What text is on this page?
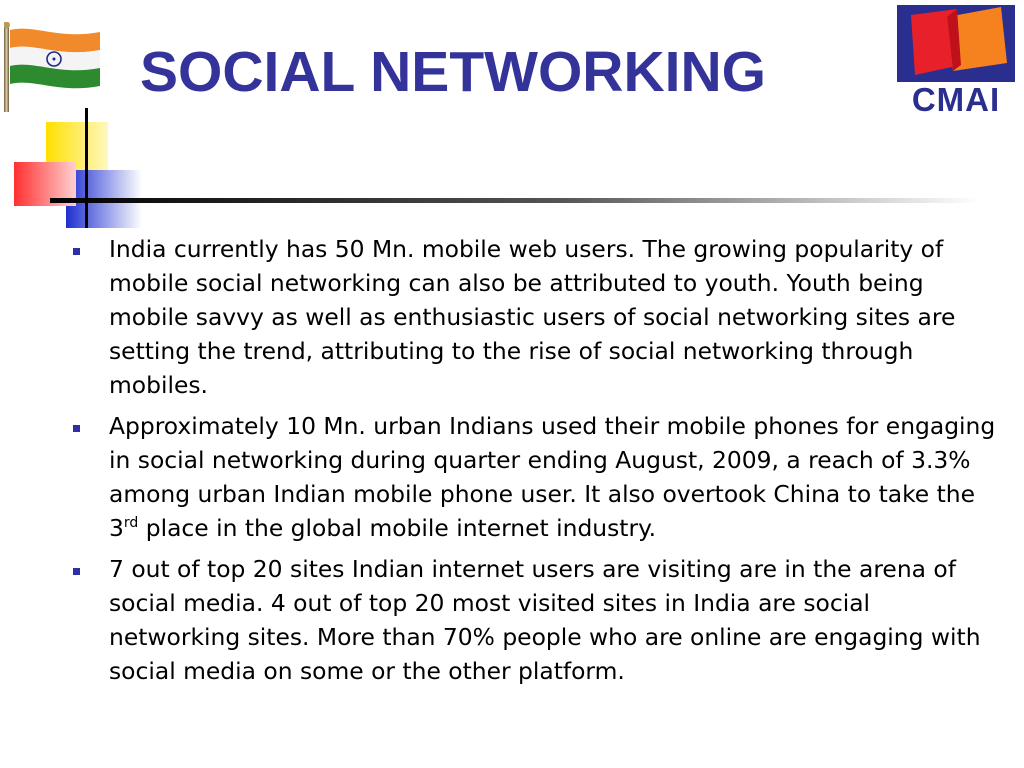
SOCIAL NETWORKING	CMAI
India currently has 50 Mn. mobile web users. The growing popularity of mobile social networking can also be attributed to youth. Youth being mobile savvy as well as enthusiastic users of social networking sites are setting the trend, attributing to the rise of social networking through mobiles.
Approximately 10 Mn. urban Indians used their mobile phones for engaging in social networking during quarter ending August, 2009, a reach of 3.3% among urban Indian mobile phone user. It also overtook China to take the 3rd place in the global mobile internet industry.
7 out of top 20 sites Indian internet users are visiting are in the arena of social media. 4 out of top 20 most visited sites in India are social networking sites. More than 70% people who are online are engaging with social media on some or the other platform.
